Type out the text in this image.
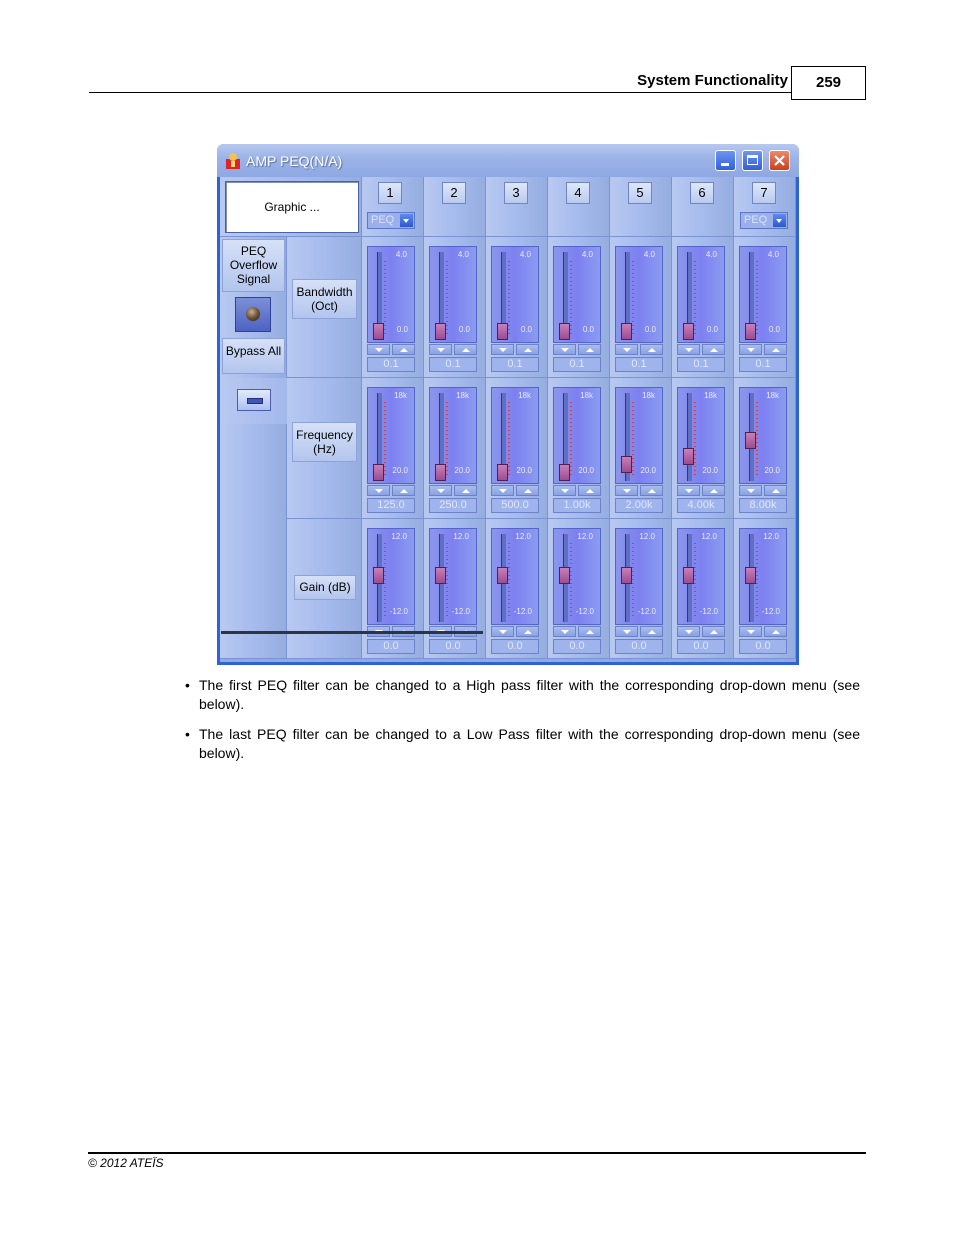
System Functionality	259
AMP PEQ(N/A)
Graphic ...
PEQ Overflow Signal
Bypass All
Bandwidth (Oct)
Frequency (Hz)
Gain (dB)
1
PEQ
4.0
0.0
0.1
18k
20.0
125.0
12.0
-12.0
0.0
2
4.0
0.0
0.1
18k
20.0
250.0
12.0
-12.0
0.0
3
4.0
0.0
0.1
18k
20.0
500.0
12.0
-12.0
0.0
4
4.0
0.0
0.1
18k
20.0
1.00k
12.0
-12.0
0.0
5
4.0
0.0
0.1
18k
20.0
2.00k
12.0
-12.0
0.0
6
4.0
0.0
0.1
18k
20.0
4.00k
12.0
-12.0
0.0
7
PEQ
4.0
0.0
0.1
18k
20.0
8.00k
12.0
-12.0
0.0
• The first PEQ filter can be changed to a High pass filter with the corresponding drop-down menu (see below).
• The last PEQ filter can be changed to a Low Pass filter with the corresponding drop-down menu (see below).
© 2012 ATEÏS
